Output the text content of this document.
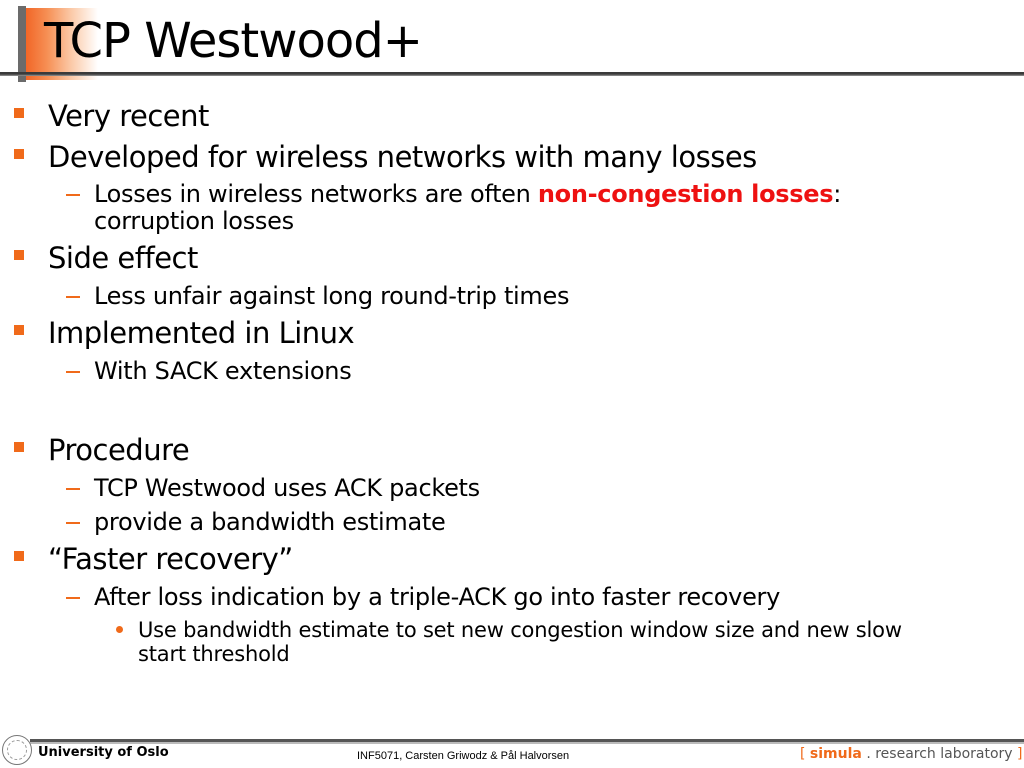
TCP Westwood+
Very recent
Developed for wireless networks with many losses
Losses in wireless networks are often non-congestion losses:
corruption losses
Side effect
Less unfair against long round-trip times
Implemented in Linux
With SACK extensions
Procedure
TCP Westwood uses ACK packets
provide a bandwidth estimate
“Faster recovery”
After loss indication by a triple-ACK go into faster recovery
Use bandwidth estimate to set new congestion window size and new slow
start threshold
University of Oslo	INF5071, Carsten Griwodz & Pål Halvorsen	[ simula . research laboratory ]
